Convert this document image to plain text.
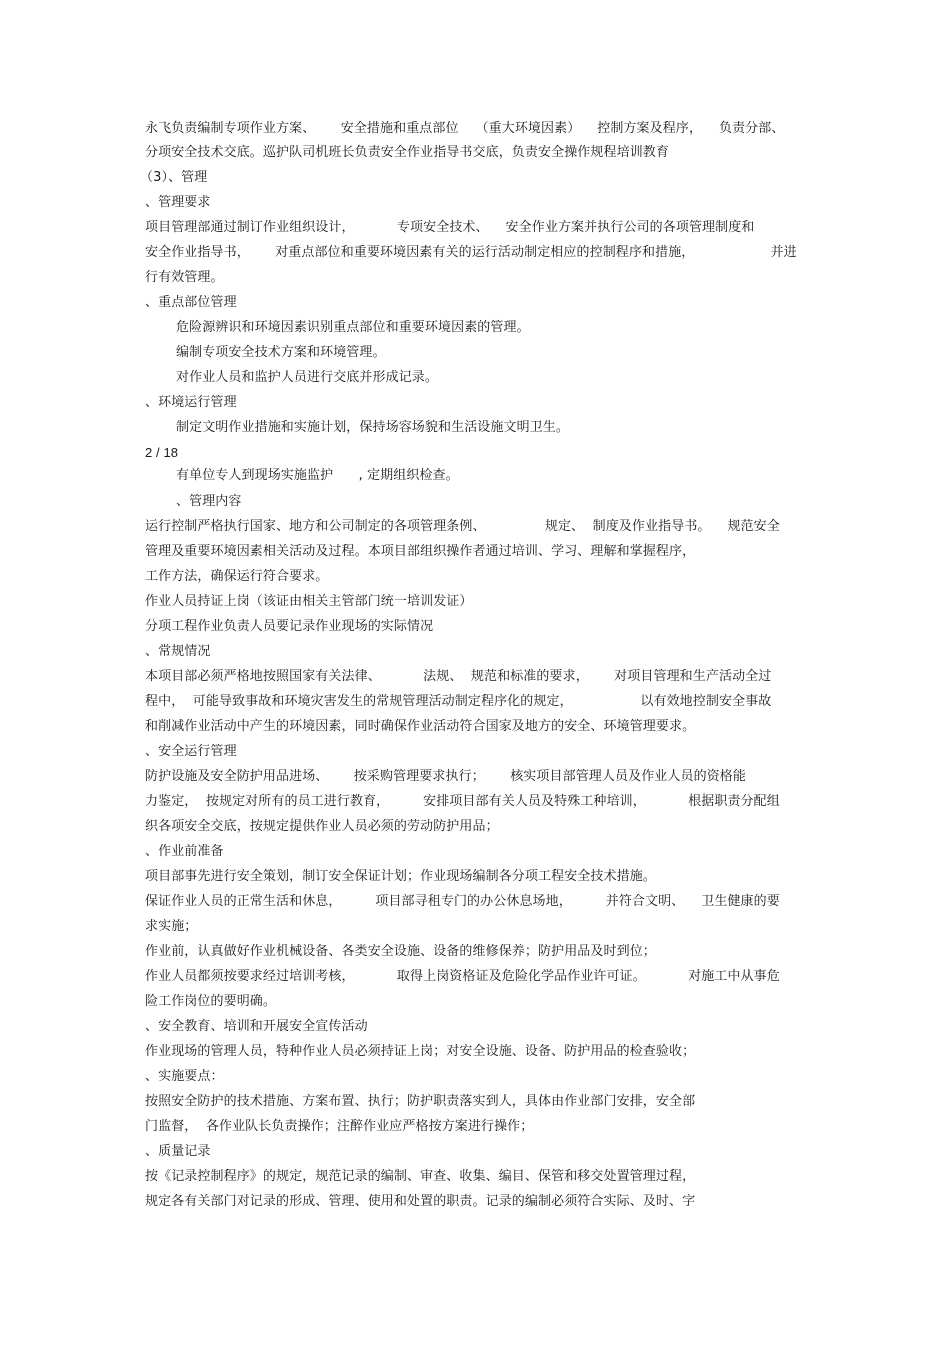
永飞负责编制专项作业方案、      安全措施和重点部位    （重大环境因素）    控制方案及程序，    负责分部、
分项安全技术交底。巡护队司机班长负责安全作业指导书交底，负责安全操作规程培训教育
（3）、管理
、管理要求
项目管理部通过制订作业组织设计，          专项安全技术、    安全作业方案并执行公司的各项管理制度和
安全作业指导书，      对重点部位和重要环境因素有关的运行活动制定相应的控制程序和措施，                  并进
行有效管理。
、重点部位管理
危险源辨识和环境因素识别重点部位和重要环境因素的管理。
编制专项安全技术方案和环境管理。
对作业人员和监护人员进行交底并形成记录。
、环境运行管理
制定文明作业措施和实施计划，保持场容场貌和生活设施文明卫生。
2 / 18
有单位专人到现场实施监护      , 定期组织检查。
、管理内容
运行控制严格执行国家、地方和公司制定的各项管理条例、              规定、  制度及作业指导书。    规范安全
管理及重要环境因素相关活动及过程。本项目部组织操作者通过培训、学习、理解和掌握程序，
工作方法，确保运行符合要求。
作业人员持证上岗（该证由相关主管部门统一培训发证）
分项工程作业负责人员要记录作业现场的实际情况
、常规情况
本项目部必须严格地按照国家有关法律、          法规、  规范和标准的要求，      对项目管理和生产活动全过
程中，  可能导致事故和环境灾害发生的常规管理活动制定程序化的规定，                以有效地控制安全事故
和削减作业活动中产生的环境因素，同时确保作业活动符合国家及地方的安全、环境管理要求。
、安全运行管理
防护设施及安全防护用品进场、      按采购管理要求执行；      核实项目部管理人员及作业人员的资格能
力鉴定，  按规定对所有的员工进行教育，        安排项目部有关人员及特殊工种培训，          根据职责分配组
织各项安全交底，按规定提供作业人员必须的劳动防护用品；
、作业前准备
项目部事先进行安全策划，制订安全保证计划；作业现场编制各分项工程安全技术措施。
保证作业人员的正常生活和休息，        项目部寻租专门的办公休息场地，        并符合文明、    卫生健康的要
求实施；
作业前，认真做好作业机械设备、各类安全设施、设备的维修保养；防护用品及时到位；
作业人员都须按要求经过培训考核，          取得上岗资格证及危险化学品作业许可证。          对施工中从事危
险工作岗位的要明确。
、安全教育、培训和开展安全宣传活动
作业现场的管理人员，特种作业人员必须持证上岗；对安全设施、设备、防护用品的检查验收；
、实施要点：
按照安全防护的技术措施、方案布置、执行；防护职责落实到人，具体由作业部门安排，安全部
门监督，  各作业队长负责操作；注醉作业应严格按方案进行操作；
、质量记录
按《记录控制程序》的规定，规范记录的编制、审查、收集、编目、保管和移交处置管理过程，
规定各有关部门对记录的形成、管理、使用和处置的职责。记录的编制必须符合实际、及时、字
